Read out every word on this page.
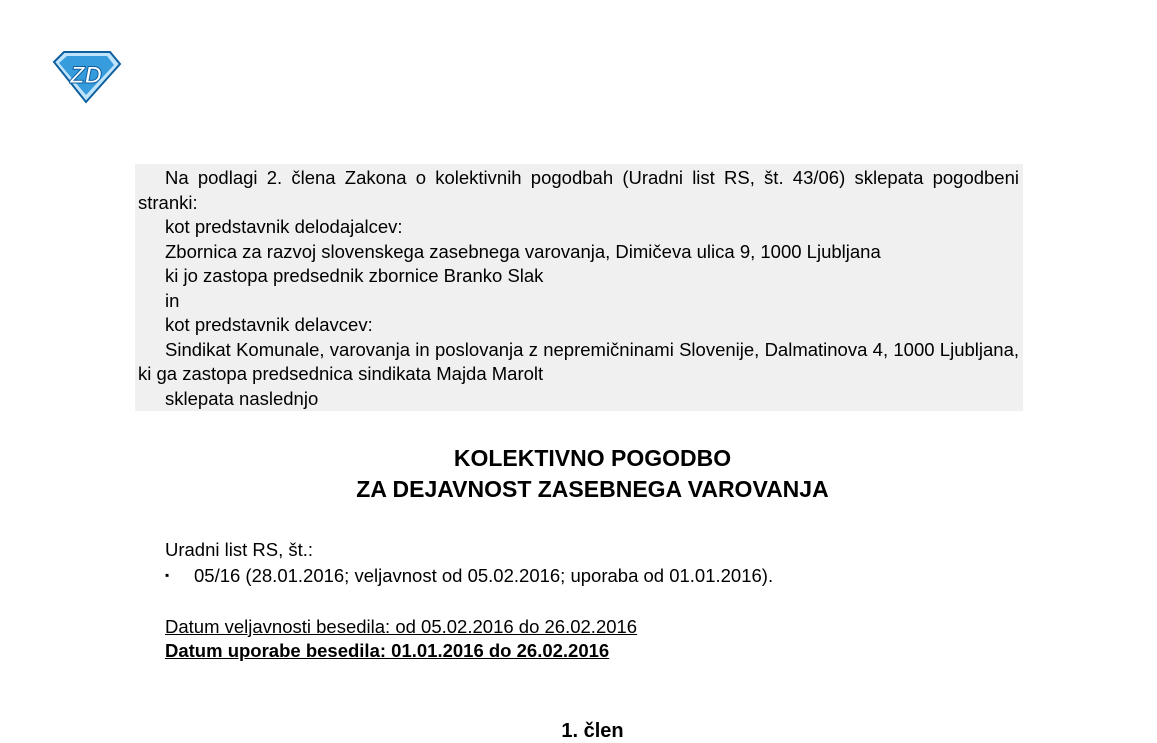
ZD

Na podlagi 2. člena Zakona o kolektivnih pogodbah (Uradni list RS, št. 43/06) sklepata pogodbeni stranki:

kot predstavnik delodajalcev:

Zbornica za razvoj slovenskega zasebnega varovanja, Dimičeva ulica 9, 1000 Ljubljana

ki jo zastopa predsednik zbornice Branko Slak

in

kot predstavnik delavcev:

Sindikat Komunale, varovanja in poslovanja z nepremičninami Slovenije, Dalmatinova 4, 1000 Ljubljana, ki ga zastopa predsednica sindikata Majda Marolt

sklepata naslednjo

KOLEKTIVNO POGODBO
ZA DEJAVNOST ZASEBNEGA VAROVANJA
Uradni list RS, št.:
▪ 05/16 (28.01.2016; veljavnost od 05.02.2016; uporaba od 01.01.2016).
Datum veljavnosti besedila: od 05.02.2016 do 26.02.2016
Datum uporabe besedila: 01.01.2016 do 26.02.2016
1. člen
